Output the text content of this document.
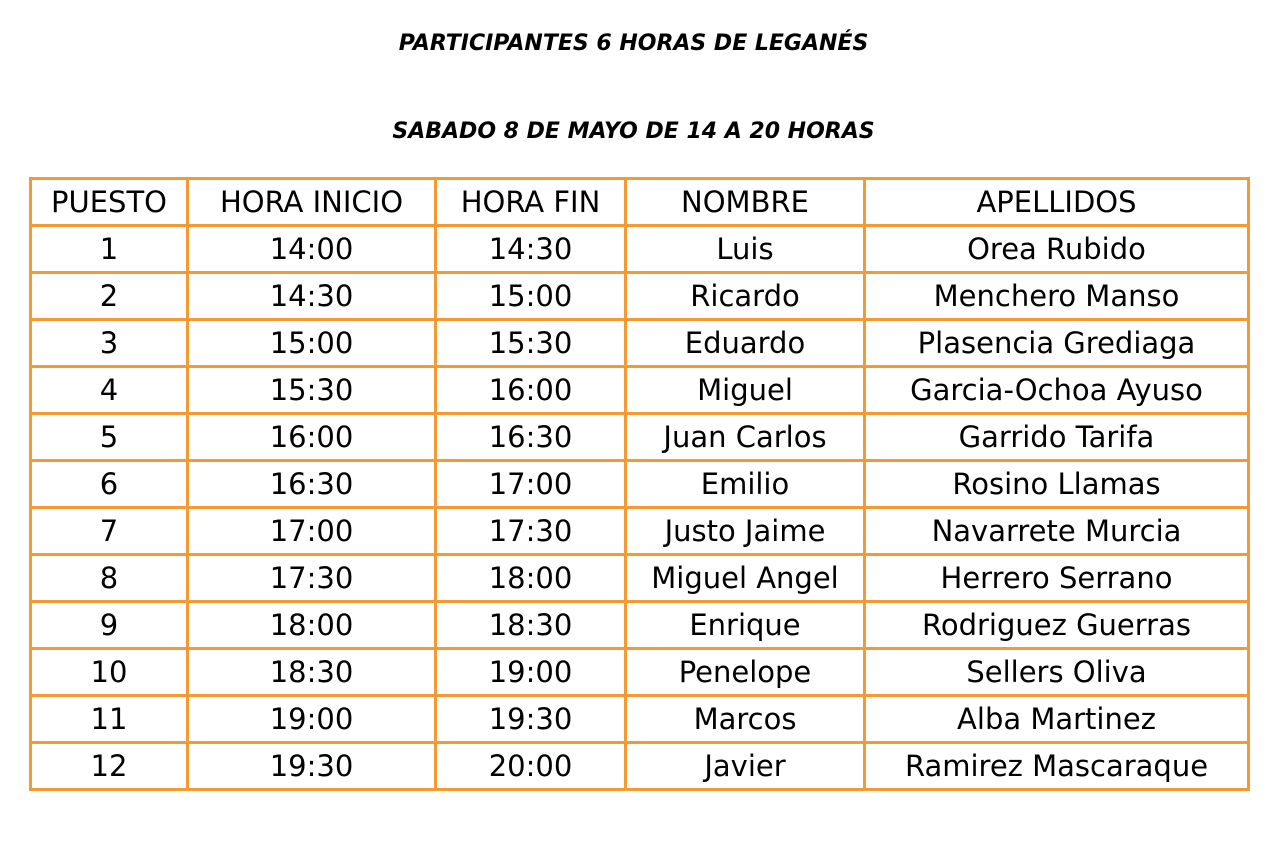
PARTICIPANTES 6 HORAS DE LEGANÉS
SABADO 8 DE MAYO DE 14 A 20 HORAS
PUESTO	HORA INICIO	HORA FIN	NOMBRE	APELLIDOS
1	14:00	14:30	Luis	Orea Rubido
2	14:30	15:00	Ricardo	Menchero Manso
3	15:00	15:30	Eduardo	Plasencia Grediaga
4	15:30	16:00	Miguel	Garcia-Ochoa Ayuso
5	16:00	16:30	Juan Carlos	Garrido Tarifa
6	16:30	17:00	Emilio	Rosino Llamas
7	17:00	17:30	Justo Jaime	Navarrete Murcia
8	17:30	18:00	Miguel Angel	Herrero Serrano
9	18:00	18:30	Enrique	Rodriguez Guerras
10	18:30	19:00	Penelope	Sellers Oliva
11	19:00	19:30	Marcos	Alba Martinez
12	19:30	20:00	Javier	Ramirez Mascaraque
